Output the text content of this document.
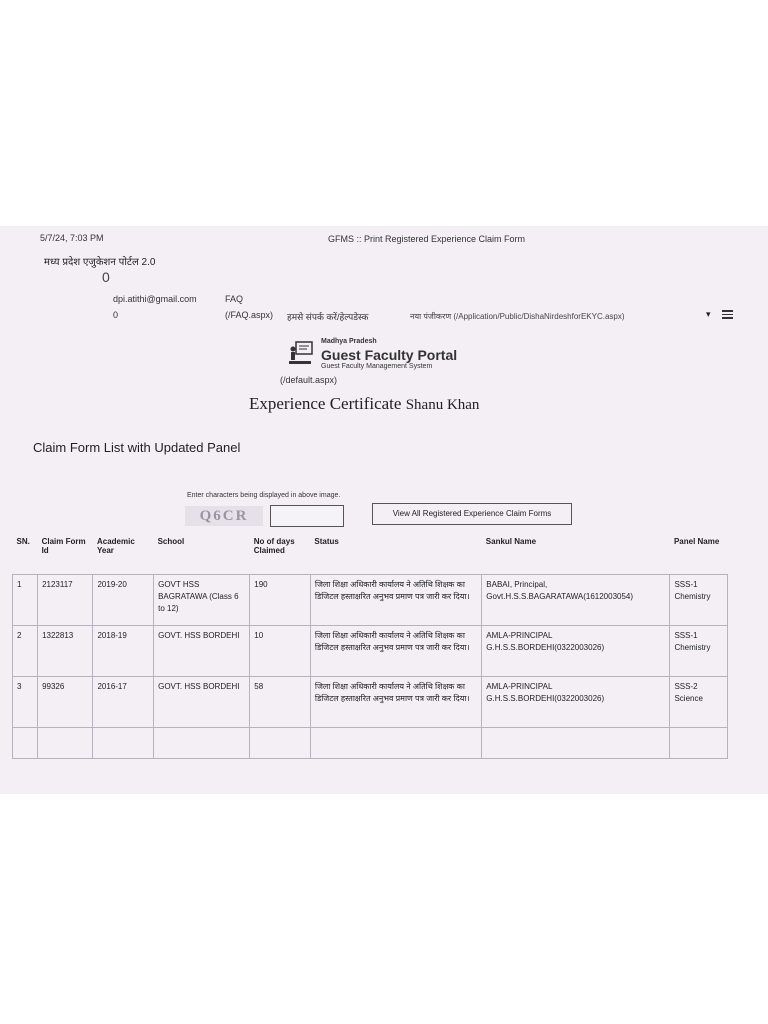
5/7/24, 7:03 PM	GFMS :: Print Registered Experience Claim Form
मध्य प्रदेश एजुकेशन पोर्टल 2.0
0
dpi.atithi@gmail.com
0
FAQ
(/FAQ.aspx) हमसे संपर्क करें/हेल्पडेस्क	नया पंजीकरण (/Application/Public/DishaNirdeshforEKYC.aspx)	▾
Madhya Pradesh
Guest Faculty Portal
Guest Faculty Management System
(/default.aspx)
Experience Certificate Shanu Khan
Claim Form List with Updated Panel
Enter characters being displayed in above image.
Q6CR	View All Registered Experience Claim Forms
SN.	Claim Form Id	Academic Year	School	No of days Claimed	Status	Sankul Name	Panel Name
1	2123117	2019-20	GOVT HSS BAGRATAWA (Class 6 to 12)	190	जिला शिक्षा अधिकारी कार्यालय ने अतिथि शिक्षक का डिजिटल हस्ताक्षरित अनुभव प्रमाण पत्र जारी कर दिया।	BABAI, Principal, Govt.H.S.S.BAGARATAWA(1612003054)	SSS-1 Chemistry
2	1322813	2018-19	GOVT. HSS BORDEHI	10	जिला शिक्षा अधिकारी कार्यालय ने अतिथि शिक्षक का डिजिटल हस्ताक्षरित अनुभव प्रमाण पत्र जारी कर दिया।	AMLA-PRINCIPAL G.H.S.S.BORDEHI(0322003026)	SSS-1 Chemistry
3	99326	2016-17	GOVT. HSS BORDEHI	58	जिला शिक्षा अधिकारी कार्यालय ने अतिथि शिक्षक का डिजिटल हस्ताक्षरित अनुभव प्रमाण पत्र जारी कर दिया।	AMLA-PRINCIPAL G.H.S.S.BORDEHI(0322003026)	SSS-2 Science
